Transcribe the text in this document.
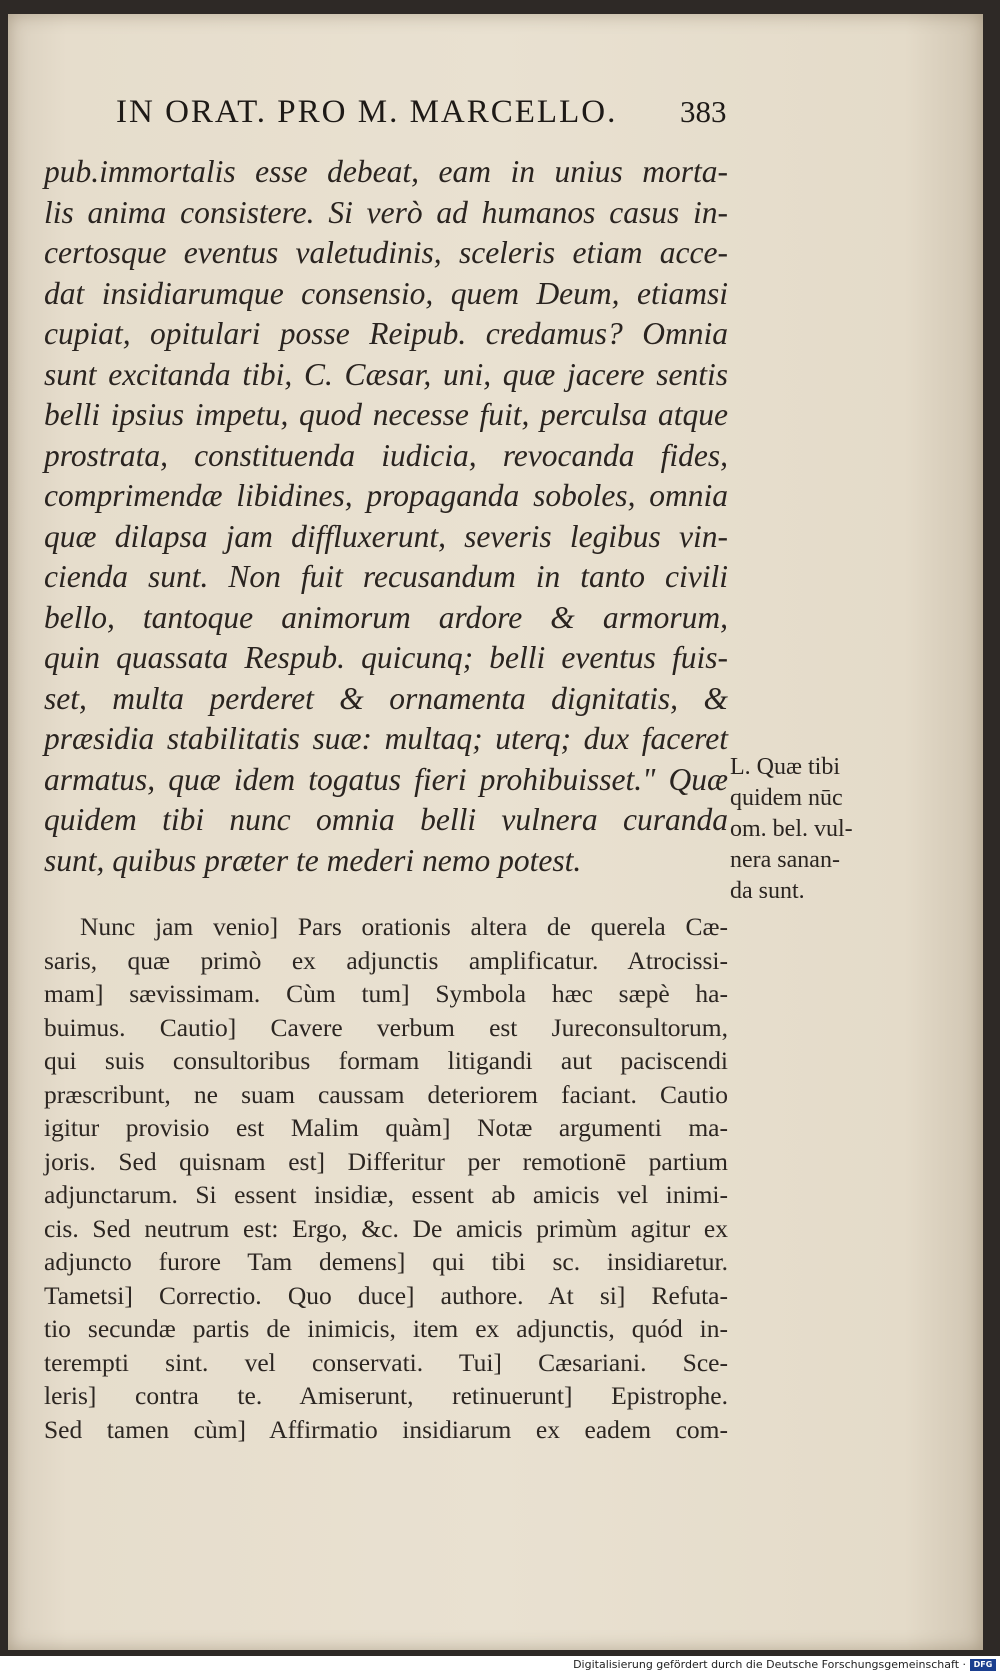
IN ORAT. PRO M. MARCELLO.	383
pub.immortalis esse debeat, eam in unius morta-
lis anima consistere. Si verò ad humanos casus in-
certosque eventus valetudinis, sceleris etiam acce-
dat insidiarumque consensio, quem Deum, etiamsi
cupiat, opitulari posse Reipub. credamus? Omnia
sunt excitanda tibi, C. Cæsar, uni, quæ jacere sentis
belli ipsius impetu, quod necesse fuit, perculsa atque
prostrata, constituenda iudicia, revocanda fides,
comprimendæ libidines, propaganda soboles, omnia
quæ dilapsa jam diffluxerunt, severis legibus vin-
cienda sunt. Non fuit recusandum in tanto civili
bello, tantoque animorum ardore & armorum,
quin quassata Respub. quicunq; belli eventus fuis-
set, multa perderet & ornamenta dignitatis, &
præsidia stabilitatis suæ: multaq; uterq; dux faceret
armatus, quæ idem togatus fieri prohibuisset." Quæ
quidem tibi nunc omnia belli vulnera curanda
sunt, quibus præter te mederi nemo potest.
L. Quæ tibi
quidem nūc
om. bel. vul-
nera sanan-
da sunt.
Nunc jam venio] Pars orationis altera de querela Cæ-
saris, quæ primò ex adjunctis amplificatur. Atrocissi-
mam] sævissimam. Cùm tum] Symbola hæc sæpè ha-
buimus. Cautio] Cavere verbum est Jureconsultorum,
qui suis consultoribus formam litigandi aut paciscendi
præscribunt, ne suam caussam deteriorem faciant. Cautio
igitur provisio est Malim quàm] Notæ argumenti ma-
joris. Sed quisnam est] Differitur per remotionē partium
adjunctarum. Si essent insidiæ, essent ab amicis vel inimi-
cis. Sed neutrum est: Ergo, &c. De amicis primùm agitur ex
adjuncto furore Tam demens] qui tibi sc. insidiaretur.
Tametsi] Correctio. Quo duce] authore. At si] Refuta-
tio secundæ partis de inimicis, item ex adjunctis, quód in-
terempti sint. vel conservati. Tui] Cæsariani. Sce-
leris] contra te. Amiserunt, retinuerunt] Epistrophe.
Sed tamen cùm] Affirmatio insidiarum ex eadem com-
Digitalisierung gefördert durch die Deutsche Forschungsgemeinschaft · DFG
